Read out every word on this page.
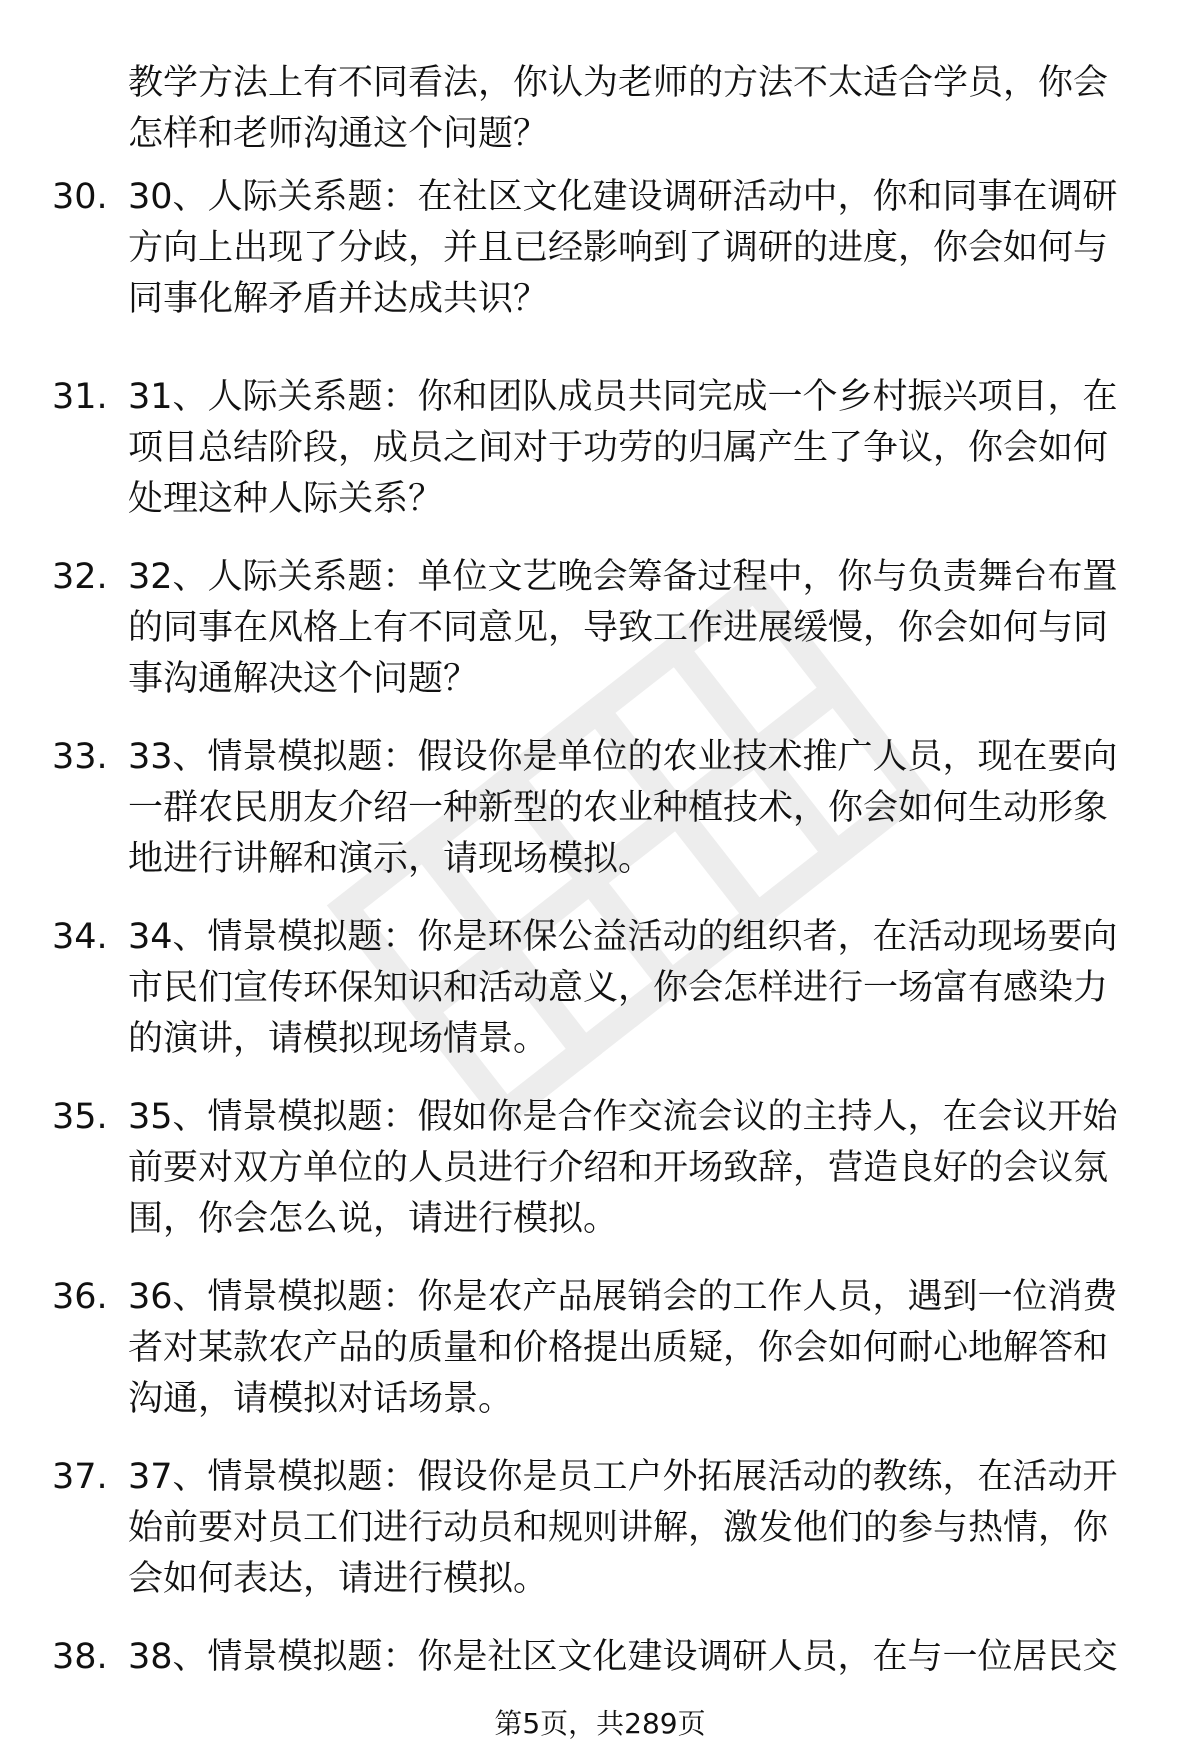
教学方法上有不同看法，你认为老师的方法不太适合学员，你会
怎样和老师沟通这个问题？
30. 30、人际关系题：在社区文化建设调研活动中，你和同事在调研
方向上出现了分歧，并且已经影响到了调研的进度，你会如何与
同事化解矛盾并达成共识？
31. 31、人际关系题：你和团队成员共同完成一个乡村振兴项目，在
项目总结阶段，成员之间对于功劳的归属产生了争议，你会如何
处理这种人际关系？
32. 32、人际关系题：单位文艺晚会筹备过程中，你与负责舞台布置
的同事在风格上有不同意见，导致工作进展缓慢，你会如何与同
事沟通解决这个问题？
33. 33、情景模拟题：假设你是单位的农业技术推广人员，现在要向
一群农民朋友介绍一种新型的农业种植技术，你会如何生动形象
地进行讲解和演示，请现场模拟。
34. 34、情景模拟题：你是环保公益活动的组织者，在活动现场要向
市民们宣传环保知识和活动意义，你会怎样进行一场富有感染力
的演讲，请模拟现场情景。
35. 35、情景模拟题：假如你是合作交流会议的主持人，在会议开始
前要对双方单位的人员进行介绍和开场致辞，营造良好的会议氛
围，你会怎么说，请进行模拟。
36. 36、情景模拟题：你是农产品展销会的工作人员，遇到一位消费
者对某款农产品的质量和价格提出质疑，你会如何耐心地解答和
沟通，请模拟对话场景。
37. 37、情景模拟题：假设你是员工户外拓展活动的教练，在活动开
始前要对员工们进行动员和规则讲解，激发他们的参与热情，你
会如何表达，请进行模拟。
38. 38、情景模拟题：你是社区文化建设调研人员，在与一位居民交
第5页，共289页
